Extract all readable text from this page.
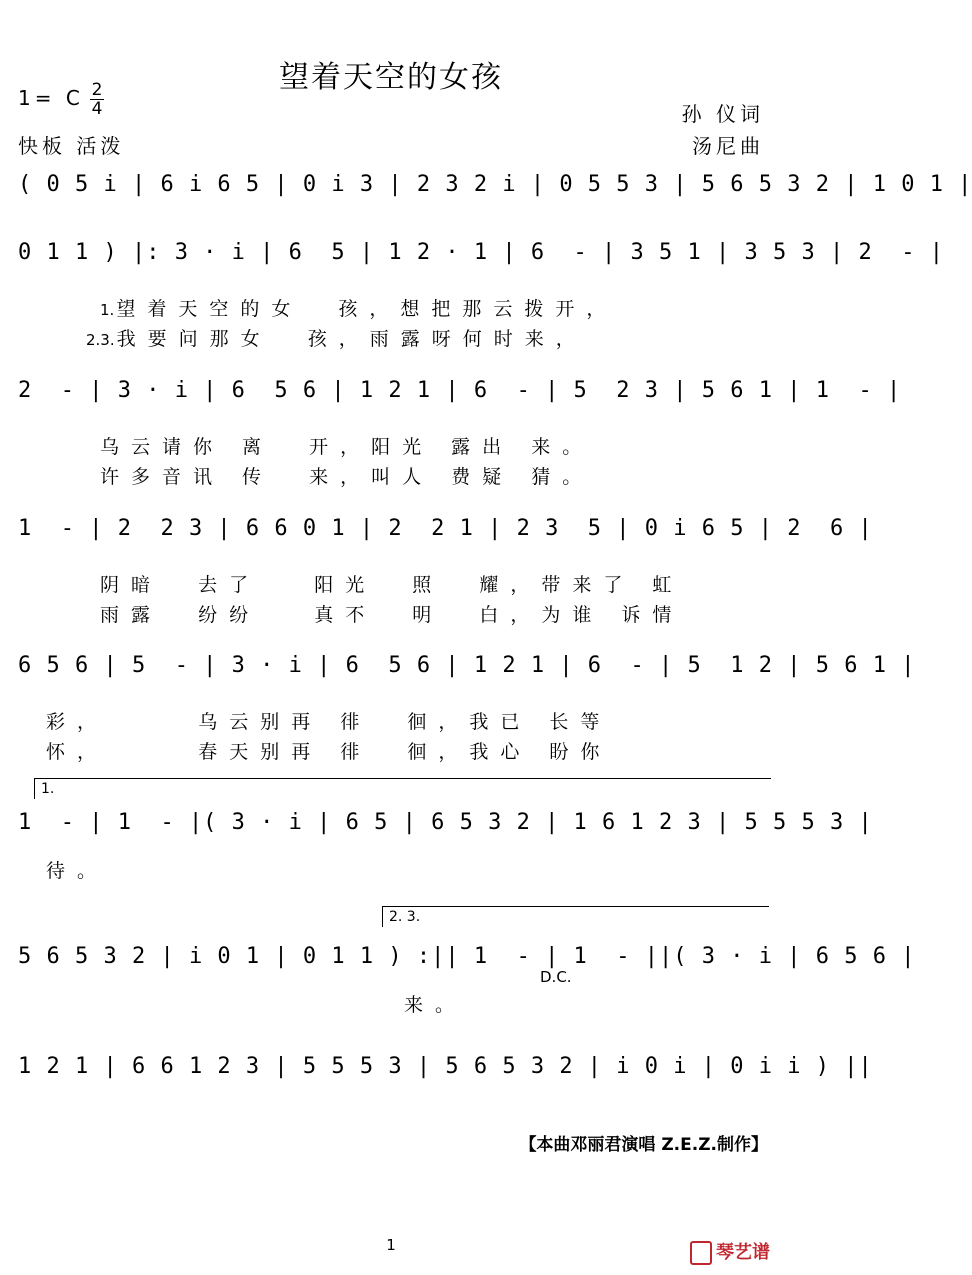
望着天空的女孩
1= C 2
4
快板 活泼
孙 仪词
汤尼曲
( 0 5 i | 6 i 6 5 | 0 i 3 | 2 3 2 i | 0 5 5 3 | 5 6 5 3 2 | 1 0 1 |
0 1 1 ) |: 3 · i | 6  5 | 1 2 · 1 | 6  - | 3 5 1 | 3 5 3 | 2  - |
1. 望着天空的女  孩，想把那云拨开，
2.3. 我要问那女  孩，雨露呀何时来，
2  - | 3 · i | 6  5 6 | 1 2 1 | 6  - | 5  2 3 | 5 6 1 | 1  - |
乌云请你 离  开，阳光 露出 来。
许多音讯 传  来，叫人 费疑 猜。
1  - | 2  2 3 | 6 6 0 1 | 2  2 1 | 2 3  5 | 0 i 6 5 | 2  6 |
阴暗  去了   阳光  照  耀，带来了 虹
雨露  纷纷   真不  明  白，为谁 诉情
6 5 6 | 5  - | 3 · i | 6  5 6 | 1 2 1 | 6  - | 5  1 2 | 5 6 1 |
彩，     乌云别再 徘  徊，我已 长等
怀，     春天别再 徘  徊，我心 盼你
1.
1  - | 1  - |( 3 · i | 6 5 | 6 5 3 2 | 1 6 1 2 3 | 5 5 5 3 |
待。
2. 3.
5 6 5 3 2 | i 0 1 | 0 1 1 ) :|| 1  - | 1  - ||( 3 · i | 6 5 6 |
来。
D.C.
1 2 1 | 6 6 1 2 3 | 5 5 5 3 | 5 6 5 3 2 | i 0 i | 0 i i ) ||
【本曲邓丽君演唱 Z.E.Z.制作】
1	琴艺谱
